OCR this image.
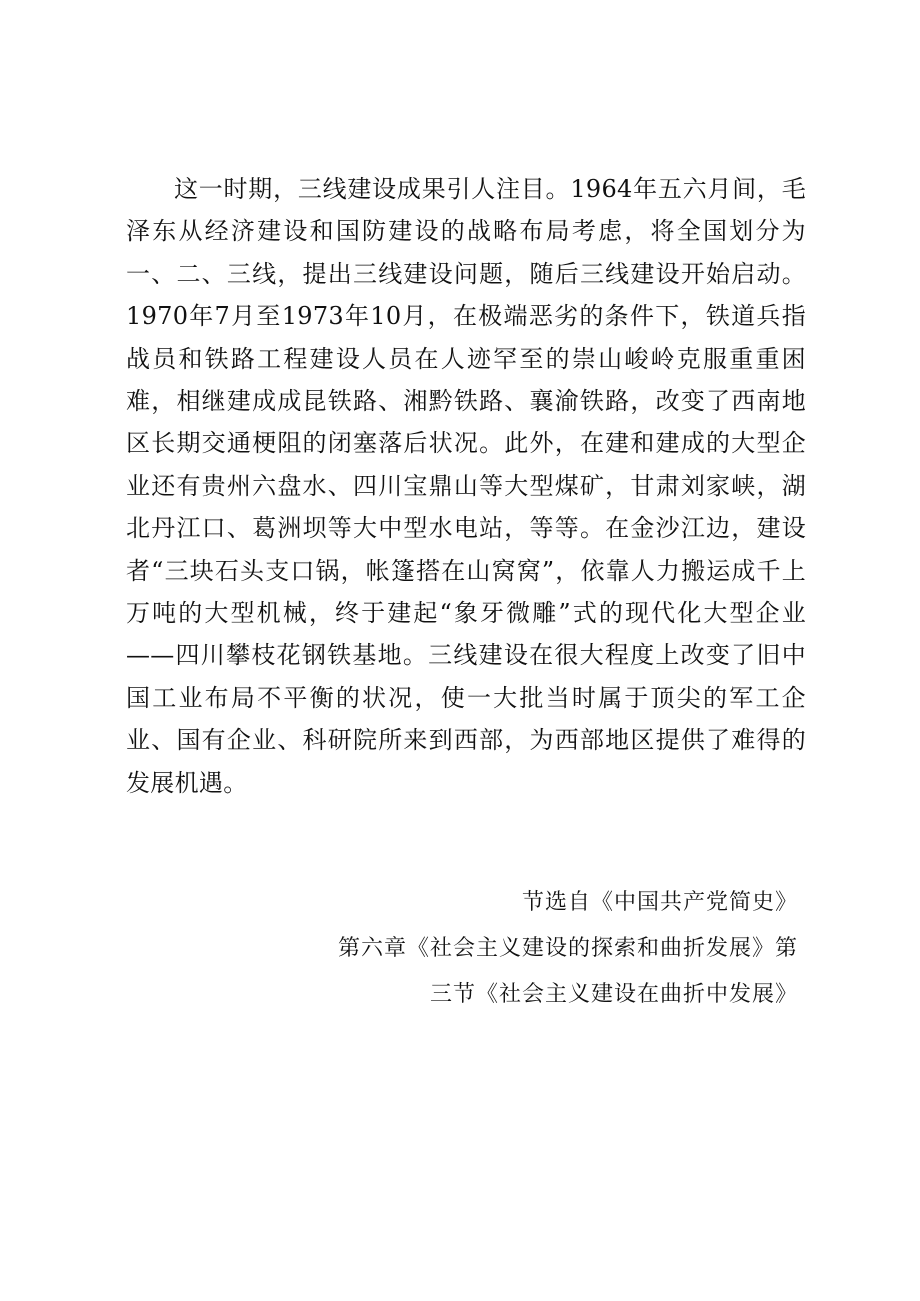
这一时期，三线建设成果引人注目。1964年五六月间，毛泽东从经济建设和国防建设的战略布局考虑，将全国划分为一、二、三线，提出三线建设问题，随后三线建设开始启动。1970年7月至1973年10月，在极端恶劣的条件下，铁道兵指战员和铁路工程建设人员在人迹罕至的崇山峻岭克服重重困难，相继建成成昆铁路、湘黔铁路、襄渝铁路，改变了西南地区长期交通梗阻的闭塞落后状况。此外，在建和建成的大型企业还有贵州六盘水、四川宝鼎山等大型煤矿，甘肃刘家峡，湖北丹江口、葛洲坝等大中型水电站，等等。在金沙江边，建设者“三块石头支口锅，帐篷搭在山窝窝”，依靠人力搬运成千上万吨的大型机械，终于建起“象牙微雕”式的现代化大型企业——四川攀枝花钢铁基地。三线建设在很大程度上改变了旧中国工业布局不平衡的状况，使一大批当时属于顶尖的军工企业、国有企业、科研院所来到西部，为西部地区提供了难得的发展机遇。

节选自《中国共产党简史》
第六章《社会主义建设的探索和曲折发展》第
三节《社会主义建设在曲折中发展》
